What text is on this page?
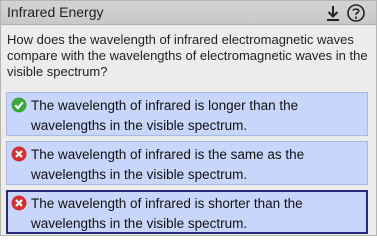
Infrared Energy
How does the wavelength of infrared electromagnetic waves compare with the wavelengths of electromagnetic waves in the visible spectrum?
The wavelength of infrared is longer than the wavelengths in the visible spectrum.
The wavelength of infrared is the same as the wavelengths in the visible spectrum.
The wavelength of infrared is shorter than the wavelengths in the visible spectrum.
